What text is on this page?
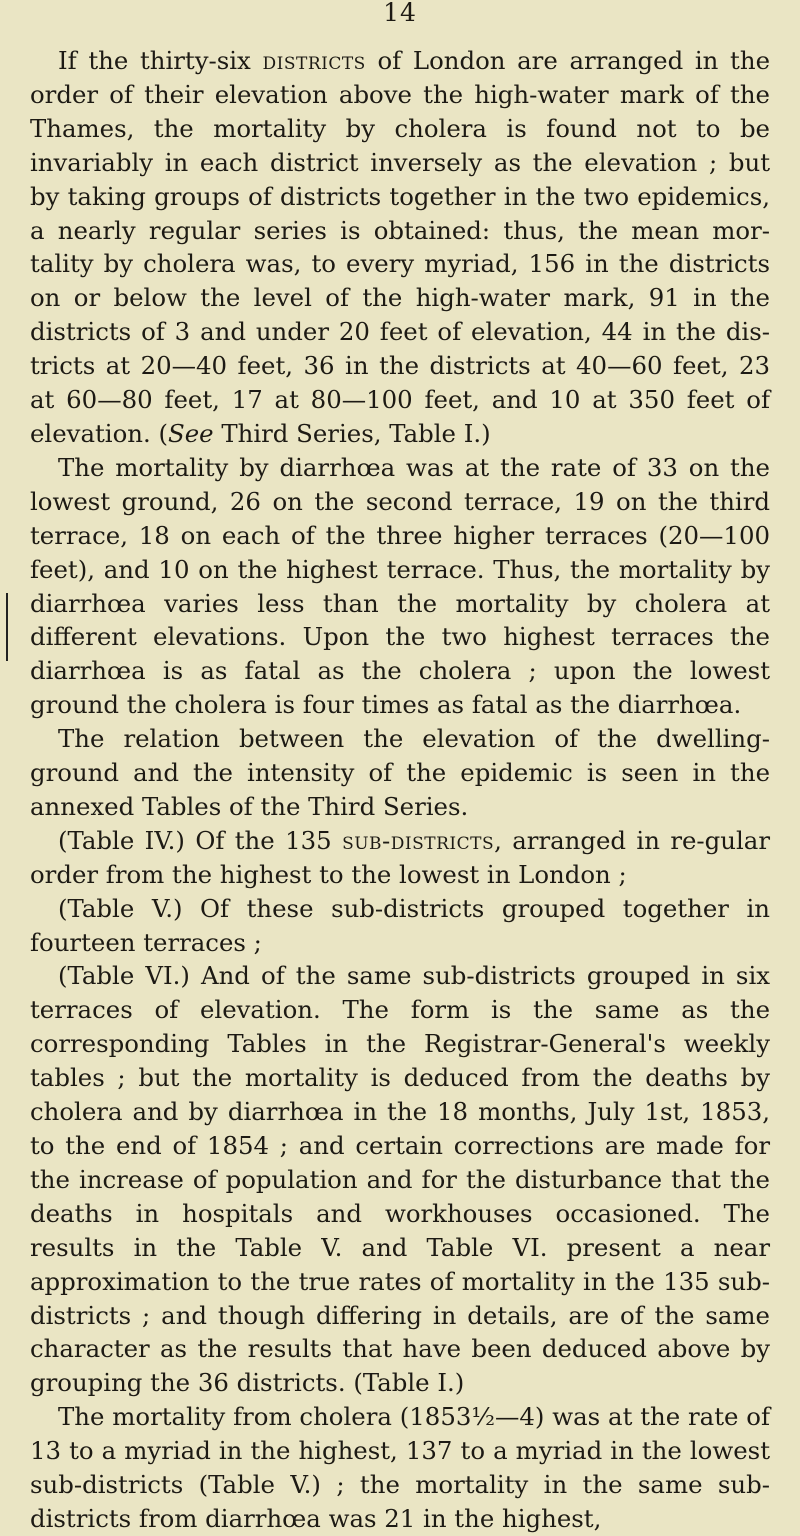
14

If the thirty-six districts of London are arranged in the order of their elevation above the high-water mark of the Thames, the mortality by cholera is found not to be invariably in each district inversely as the elevation ; but by taking groups of districts together in the two epidemics, a nearly regular series is obtained: thus, the mean mor-tality by cholera was, to every myriad, 156 in the districts on or below the level of the high-water mark, 91 in the districts of 3 and under 20 feet of elevation, 44 in the dis-tricts at 20—40 feet, 36 in the districts at 40—60 feet, 23 at 60—80 feet, 17 at 80—100 feet, and 10 at 350 feet of elevation. (See Third Series, Table I.)

The mortality by diarrhœa was at the rate of 33 on the lowest ground, 26 on the second terrace, 19 on the third terrace, 18 on each of the three higher terraces (20—100 feet), and 10 on the highest terrace. Thus, the mortality by diarrhœa varies less than the mortality by cholera at different elevations. Upon the two highest terraces the diarrhœa is as fatal as the cholera ; upon the lowest ground the cholera is four times as fatal as the diarrhœa.

The relation between the elevation of the dwelling-ground and the intensity of the epidemic is seen in the annexed Tables of the Third Series.

(Table IV.) Of the 135 sub-districts, arranged in re-gular order from the highest to the lowest in London ;

(Table V.) Of these sub-districts grouped together in fourteen terraces ;

(Table VI.) And of the same sub-districts grouped in six terraces of elevation. The form is the same as the corresponding Tables in the Registrar-General's weekly tables ; but the mortality is deduced from the deaths by cholera and by diarrhœa in the 18 months, July 1st, 1853, to the end of 1854 ; and certain corrections are made for the increase of population and for the disturbance that the deaths in hospitals and workhouses occasioned. The results in the Table V. and Table VI. present a near approximation to the true rates of mortality in the 135 sub-districts ; and though differing in details, are of the same character as the results that have been deduced above by grouping the 36 districts. (Table I.)

The mortality from cholera (1853½—4) was at the rate of 13 to a myriad in the highest, 137 to a myriad in the lowest sub-districts (Table V.) ; the mortality in the same sub-districts from diarrhœa was 21 in the highest,
